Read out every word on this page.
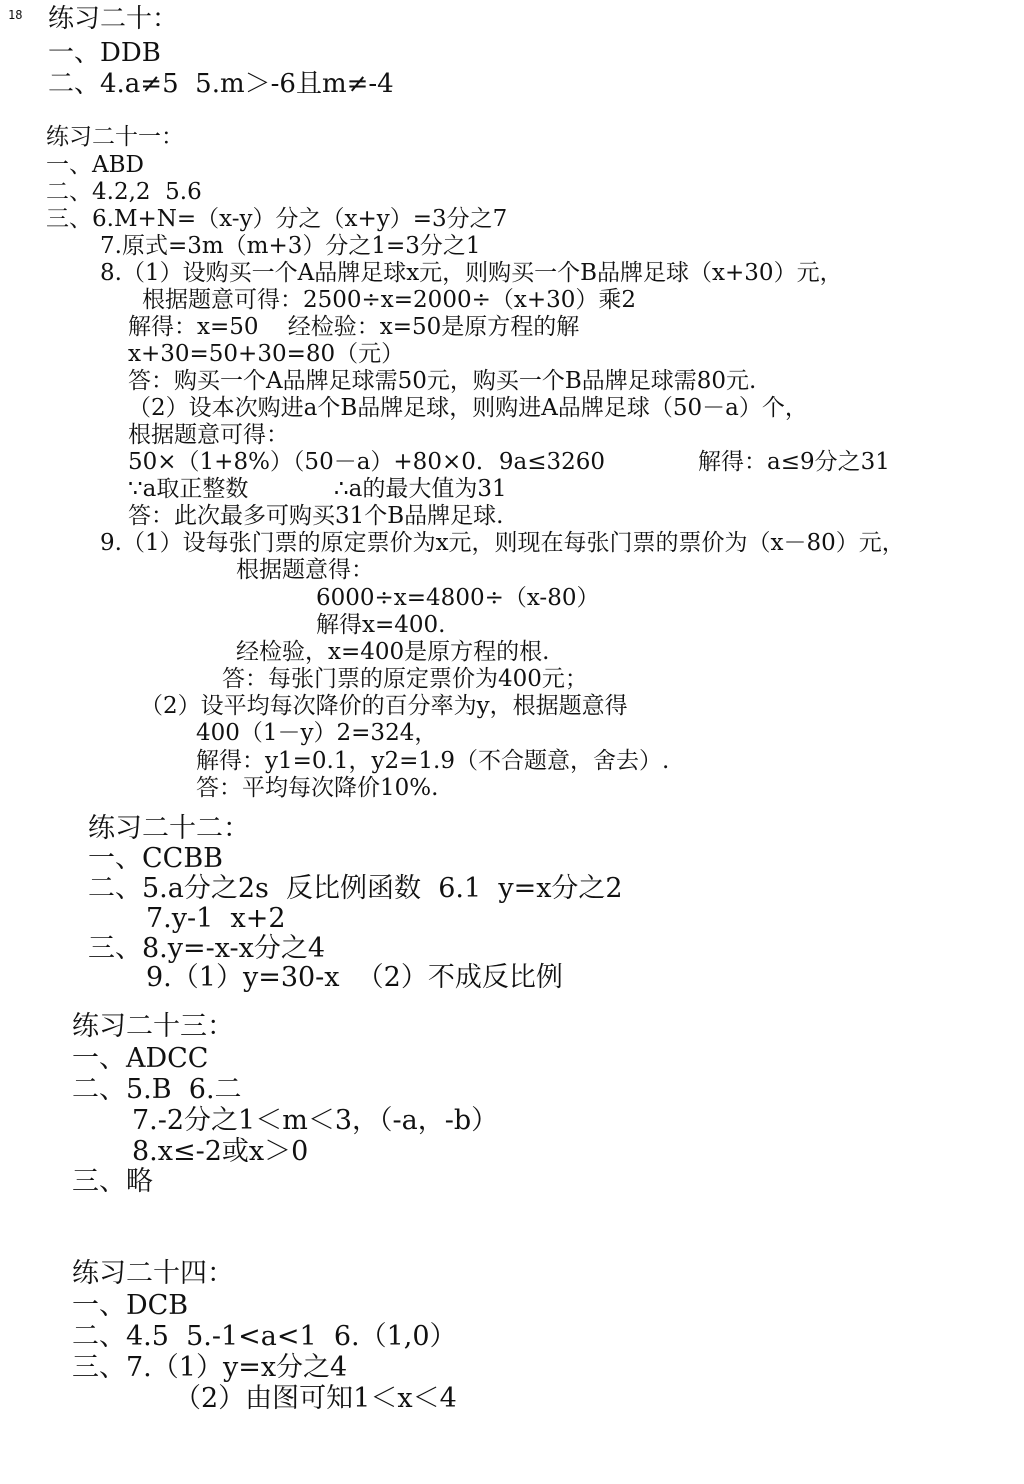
18 练习二十：
一、DDB
二、4.a≠5  5.m＞-6且m≠-4
练习二十一：
一、ABD
二、4.2,2  5.6
三、6.M+N=（x-y）分之（x+y）=3分之7
7.原式=3m（m+3）分之1=3分之1
8.（1）设购买一个A品牌足球x元，则购买一个B品牌足球（x+30）元，
根据题意可得：2500÷x=2000÷（x+30）乘2
解得：x=50    经检验：x=50是原方程的解
x+30=50+30=80（元）
答：购买一个A品牌足球需50元，购买一个B品牌足球需80元.
（2）设本次购进a个B品牌足球，则购进A品牌足球（50－a）个，
根据题意可得：
50×（1+8%）（50－a）+80×0．9a≤3260	解得：a≤9分之31
∵a取正整数	∴a的最大值为31
答：此次最多可购买31个B品牌足球.
9.（1）设每张门票的原定票价为x元，则现在每张门票的票价为（x－80）元，
根据题意得：
6000÷x=4800÷（x-80）
解得x=400.
经检验，x=400是原方程的根.
答：每张门票的原定票价为400元；
（2）设平均每次降价的百分率为y，根据题意得
400（1－y）2=324，
解得：y1=0.1，y2=1.9（不合题意，舍去）.
答：平均每次降价10%.
练习二十二：
一、CCBB
二、5.a分之2s  反比例函数  6.1  y=x分之2
7.y-1  x+2
三、8.y=-x-x分之4
9.（1）y=30-x  （2）不成反比例
练习二十三：
一、ADCC
二、5.B  6.二
7.-2分之1＜m＜3，（-a，-b）
8.x≤-2或x＞0
三、略
练习二十四：
一、DCB
二、4.5  5.-1<a<1  6.（1,0）
三、7.（1）y=x分之4
（2）由图可知1＜x＜4
